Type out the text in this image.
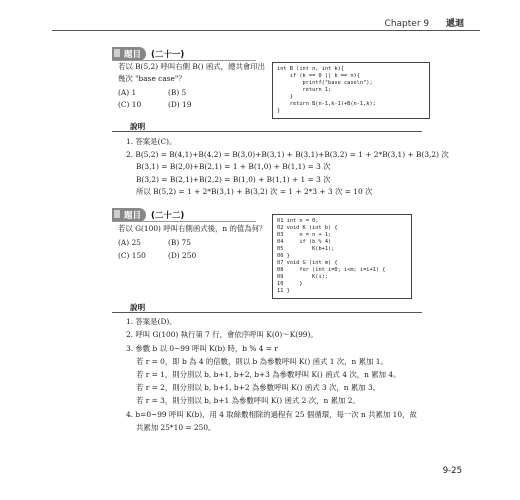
Chapter 9 遞迴
題目	(二十一)
若以 B(5,2) 呼叫右側 B() 函式，總共會印出
幾次 "base case"？
(A) 1	(B) 5
(C) 10	(D) 19
int B (int n, int k){
if (k == 0 || k == n){
printf("base case\n");
return 1;
}
return B(n-1,k-1)+B(n-1,k);
}
說明
1. 答案是(C)。
2. B(5,2) = B(4,1)+B(4,2) = B(3,0)+B(3,1) + B(3,1)+B(3,2) = 1 + 2*B(3,1) + B(3,2) 次
B(3,1) = B(2,0)+B(2,1) = 1 + B(1,0) + B(1,1) = 3 次
B(3,2) = B(2,1)+B(2,2) = B(1,0) + B(1,1) + 1 = 3 次
所以 B(5,2) = 1 + 2*B(3,1) + B(3,2) 次 = 1 + 2*3 + 3 次 = 10 次
題目	(二十二)
若以 G(100) 呼叫右側函式後，n 的值為何？
(A) 25	(B) 75
(C) 150	(D) 250
01 int n = 0;
02 void K (int b) {
03     n = n + 1;
04     if (b % 4)
05         K(b+1);
06 }
07 void G (int m) {
08     for (int i=0; i<m; i=i+1) {
09         K(i);
10     }
11 }
說明
1. 答案是(D)。
2. 呼叫 G(100) 執行第 7 行，會依序呼叫 K(0)～K(99)。
3. 參數 b 以 0~99 呼叫 K(b) 時，b % 4 = r
若 r = 0，即 b 為 4 的倍數，則以 b 為參數呼叫 K() 函式 1 次，n 累加 1。
若 r = 1，則分別以 b, b+1, b+2, b+3 為參數呼叫 K() 函式 4 次，n 累加 4。
若 r = 2，則分別以 b, b+1, b+2 為參數呼叫 K() 函式 3 次，n 累加 3。
若 r = 3，則分別以 b, b+1 為參數呼叫 K() 函式 2 次，n 累加 2。
4. b=0~99 呼叫 K(b)，用 4 取餘數相除的過程有 25 個循環，每一次 n 共累加 10，故
共累加 25*10 = 250。
9-25
